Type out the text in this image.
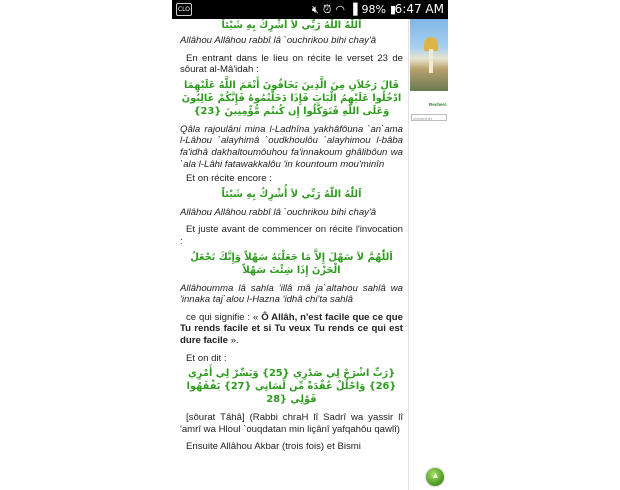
CLO	🔇︎ ⏰︎ ◠ ▐ 98% ▮
6:47 AM

اَللّٰهُ اللّٰهُ رَبِّي لاَ أُشْرِكُ بِهِ شَيْئاً

Allâhou Allâhou rabbî lâ `ouchrikou bihi chay'â

En entrant dans le lieu on récite le verset 23 de sôurat al-Mâ'idah :

قَالَ رَجُلاَنِ مِنَ الَّذِينَ يَخَافُونَ أَنْعَمَ اللَّهُ عَلَيْهِمَا ادْخُلُوا عَلَيْهِمُ الْبَابَ فَإِذَا دَخَلْتُمُوهُ فَإِنَّكُمْ غَالِبُونَ وَعَلَى اللَّهِ فَتَوَكَّلُوا إِن كُنتُم مُّؤْمِنِينَ {23}

Qâla rajoulâni mina l-Ladhîna yakhâfôuna `an`ama l-Lâhou `alayhimâ `oudkhoulôu `alayhimou l-bâba fa'idhâ dakhaltoumôuhou fa'innakoum ghâlibôun wa `ala l-Lâhi fatawakkalôu 'in kountoum mou'minîn

Et on récite encore :

اَللّٰهُ اللّٰهُ رَبِّي لاَ أُشْرِكُ بِهِ شَيْئاً

Allâhou Allâhou rabbî lâ `ouchrikou bihi chay'â

Et juste avant de commencer on récite l'invocation :

اَللّٰهُمَّ لاَ سَهْلَ إِلاَّ مَا جَعَلْتَهُ سَهْلاً وَإِنَّكَ تَجْعَلُ الْحَزْنَ إِذَا شِئْتَ سَهْلاً

Allâhoumma lâ sahla 'illâ mâ ja`altahou sahlâ wa 'innaka taj`alou l-Hazna 'idhâ chi'ta sahlâ

ce qui signifie : « Ô Allâh, n'est facile que ce que Tu rends facile et si Tu veux Tu rends ce qui est dure facile ».

Et on dit :

{رَبِّ اشْرَحْ لِي صَدْرِي {25} وَيَسِّرْ لِي أَمْرِي {26} وَاحْلُلْ عُقْدَةً مِّن لِّسَانِي {27} يَفْقَهُوا قَوْلِي {28

[sôurat Tâhâ] (Rabbi chraH lî Sadrî wa yassir lî 'amrî wa Hloul `ouqdatan min liçânî yafqahôu qawlî)

Ensuite Allâhou Akbar (trois fois) et Bismi

Recherc
rechercher
▲
